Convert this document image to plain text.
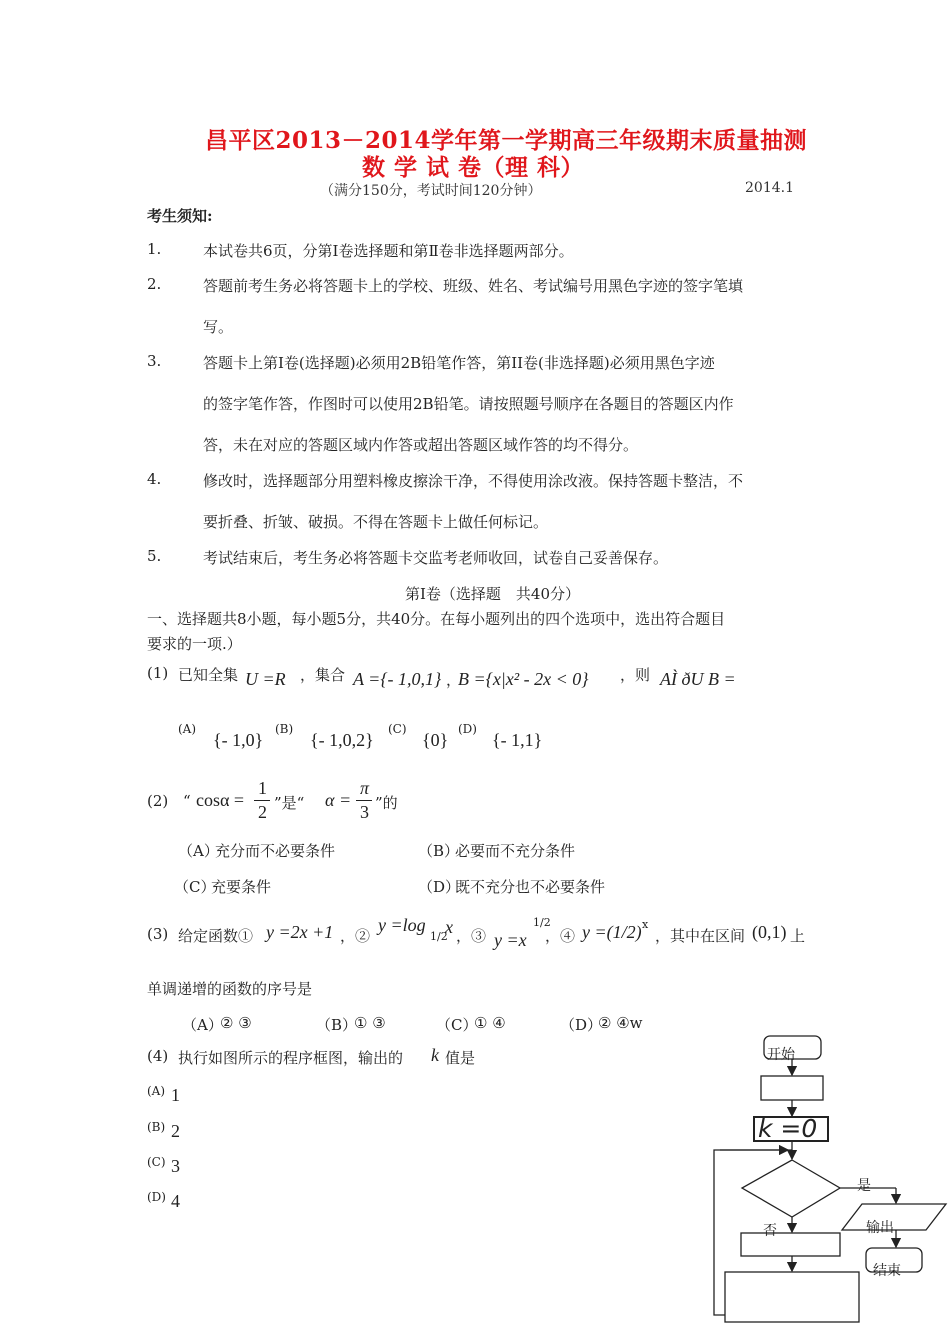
昌平区2013－2014学年第一学期高三年级期末质量抽测
数 学 试 卷（理 科）
（满分150分，考试时间120分钟）	2014.1
考生须知:
1.	本试卷共6页，分第Ⅰ卷选择题和第Ⅱ卷非选择题两部分。
2.	答题前考生务必将答题卡上的学校、班级、姓名、考试编号用黑色字迹的签字笔填
写。
3.	答题卡上第Ⅰ卷(选择题)必须用2B铅笔作答，第II卷(非选择题)必须用黑色字迹
的签字笔作答，作图时可以使用2B铅笔。请按照题号顺序在各题目的答题区内作
答，未在对应的答题区域内作答或超出答题区域作答的均不得分。
4.	修改时，选择题部分用塑料橡皮擦涂干净，不得使用涂改液。保持答题卡整洁，不
要折叠、折皱、破损。不得在答题卡上做任何标记。
5.	考试结束后，考生务必将答题卡交监考老师收回，试卷自己妥善保存。
第Ⅰ卷（选择题　共40分）
一、选择题共8小题，每小题5分，共40分。在每小题列出的四个选项中，选出符合题目
要求的一项.）
(1) 已知全集 U =R ，集合 A ={- 1,0,1} ，
B ={x|x² - 2x < 0} ，则 AÌ ðU B =
(A)
{- 1,0}
(B)
{- 1,0,2}
(C)
{0}
(D)
{- 1,1}
(2) “ cosα =
1
2 ”是“ α =
π
3 ”的
（A）
充分而不必要条件	（B）
必要而不充分条件
（C）
充要条件	（D）
既不充分也不必要条件
(3) 给定函数① y =2x +1 ，②
y =log
1/2
x ，③ y =x
1/2
，④ y =(1/2) x
，其中在区间 (0,1) 上
单调递增的函数的序号是
（A）
② ③	（B）
① ③	（C）
① ④	（D）
② ④w
(4) 执行如图所示的程序框图，输出的 k 值是
(A) 1
(B) 2
(C) 3
(D) 4
开始
k =0
是
否	输出
结束
